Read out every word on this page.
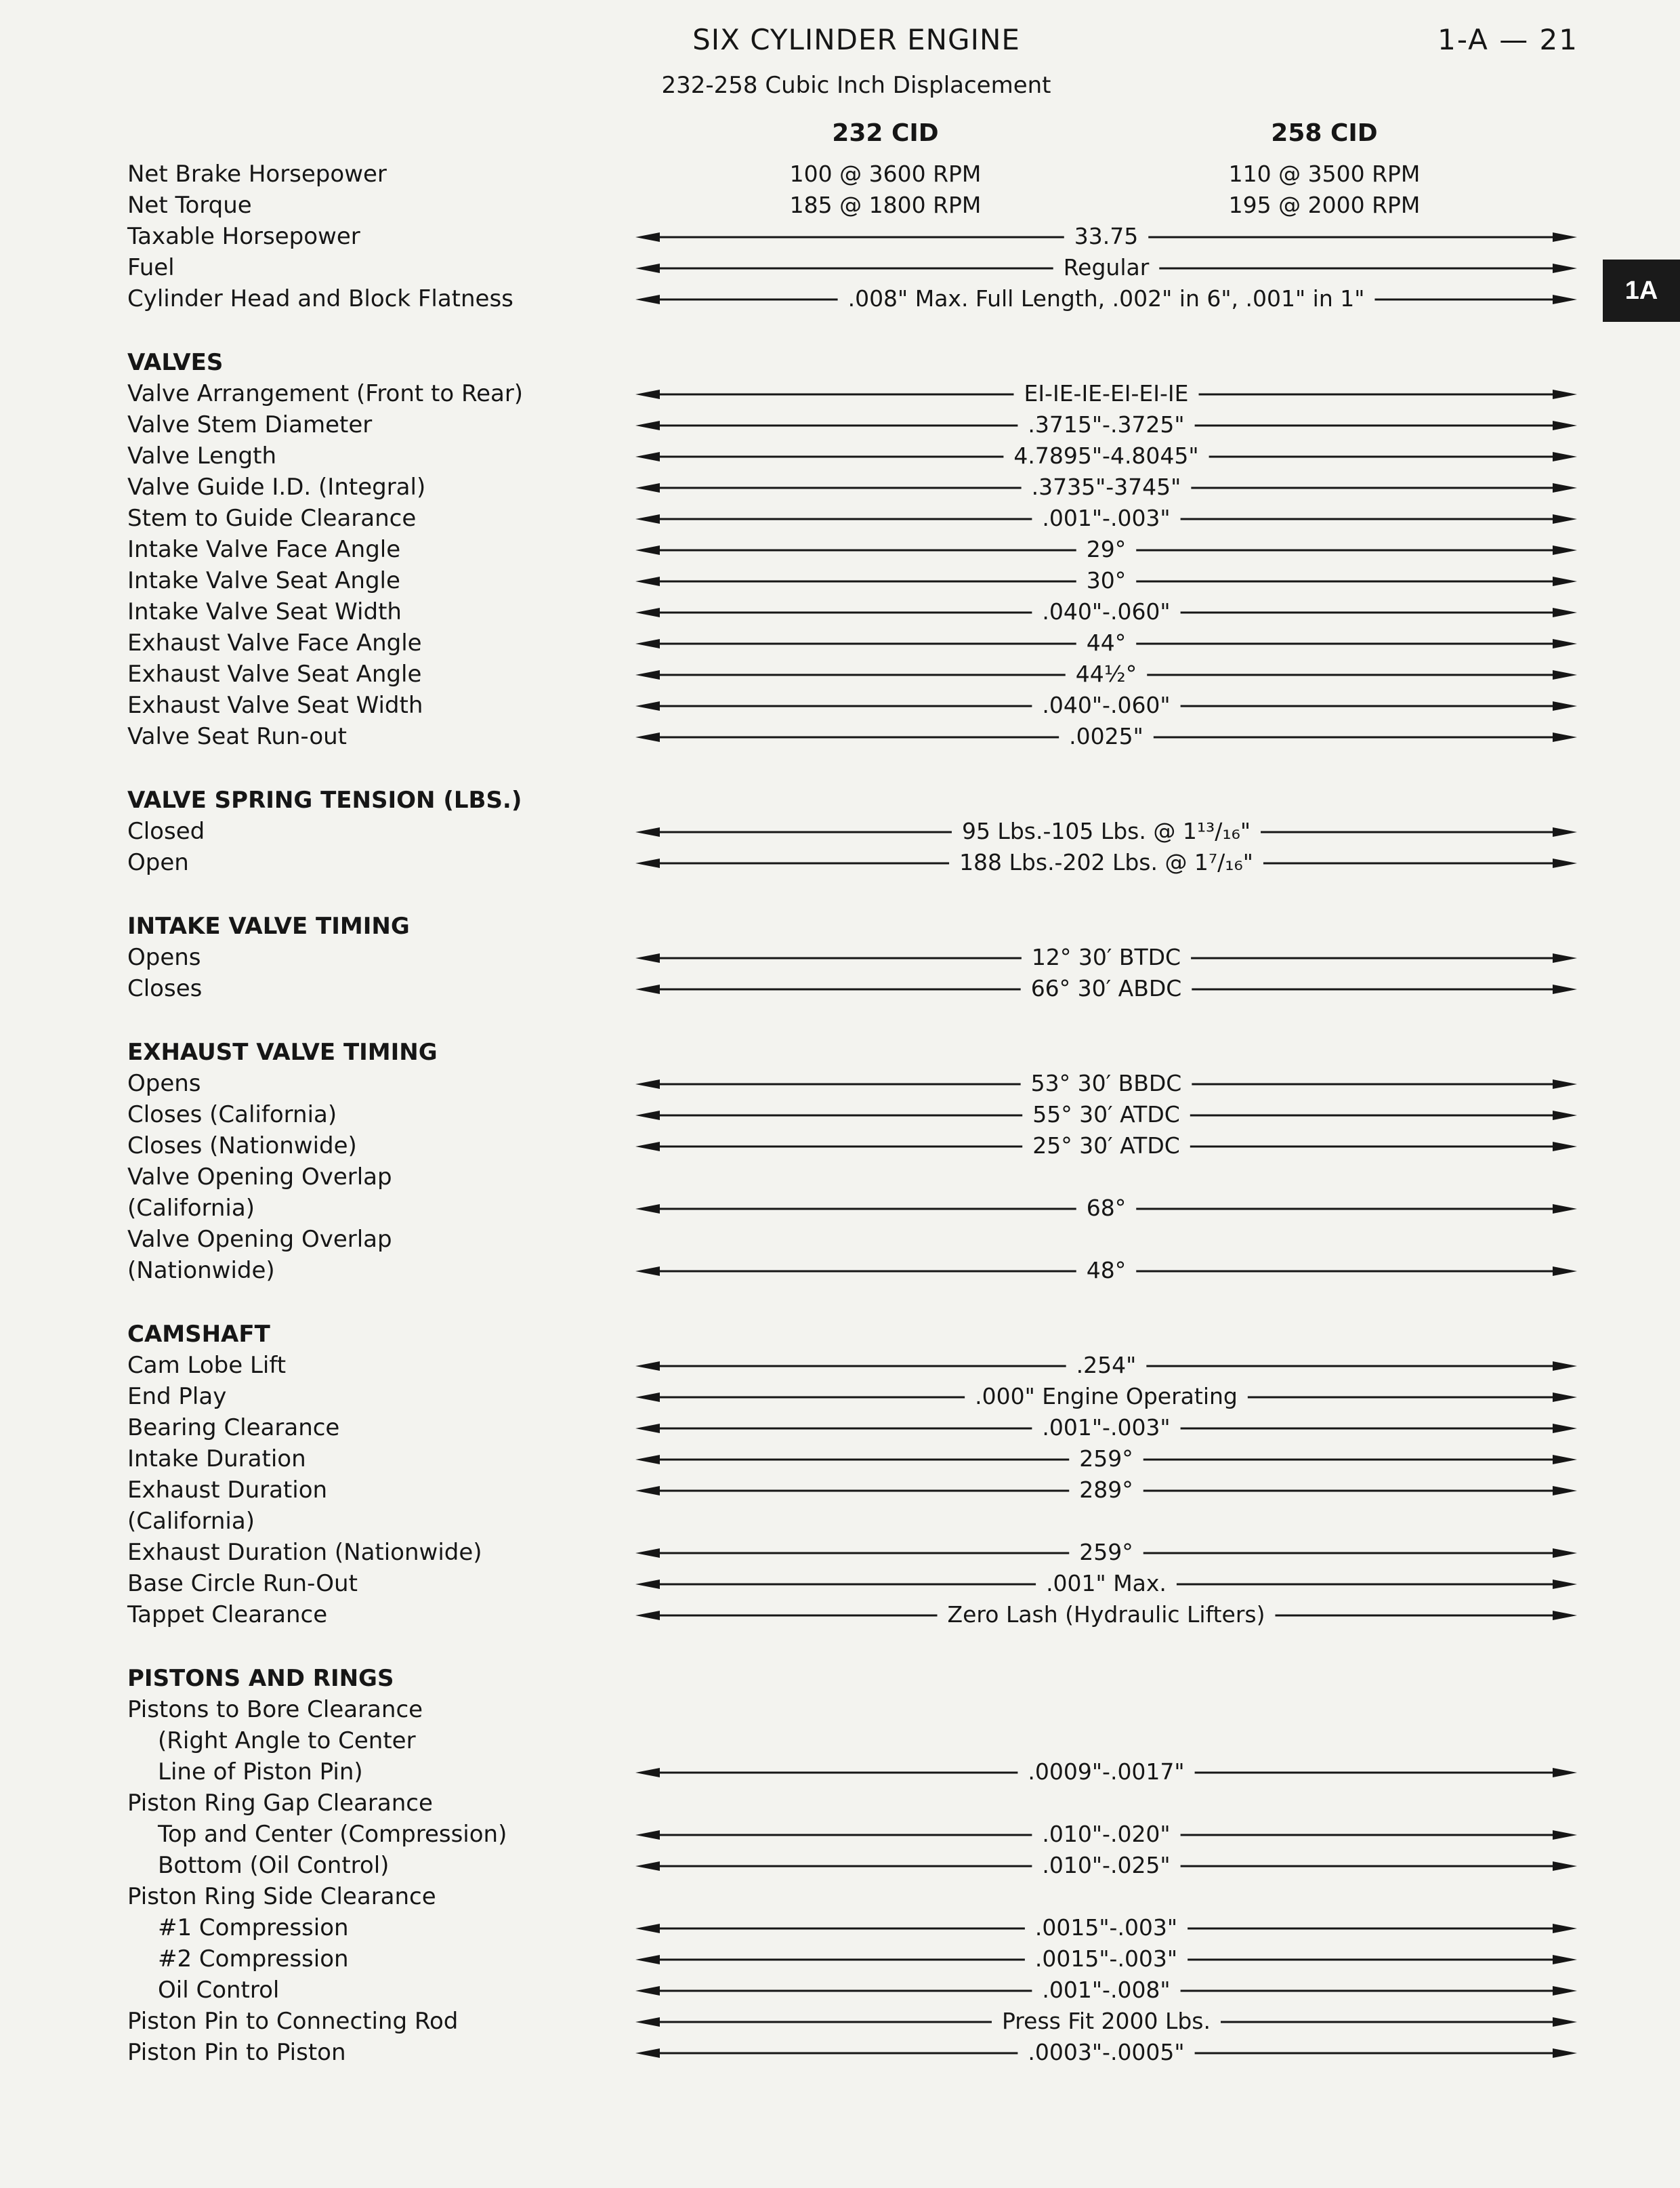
SIX CYLINDER ENGINE	1-A — 21
232-258 Cubic Inch Displacement
1A
232 CID	258 CID
Net Brake Horsepower	100 @ 3600 RPM	110 @ 3500 RPM
Net Torque	185 @ 1800 RPM	195 @ 2000 RPM
Taxable Horsepower	33.75
Fuel	Regular
Cylinder Head and Block Flatness	.008" Max. Full Length, .002" in 6", .001" in 1"
VALVES
Valve Arrangement (Front to Rear)	EI-IE-IE-EI-EI-IE
Valve Stem Diameter	.3715"-.3725"
Valve Length	4.7895"-4.8045"
Valve Guide I.D. (Integral)	.3735"-3745"
Stem to Guide Clearance	.001"-.003"
Intake Valve Face Angle	29°
Intake Valve Seat Angle	30°
Intake Valve Seat Width	.040"-.060"
Exhaust Valve Face Angle	44°
Exhaust Valve Seat Angle	44½°
Exhaust Valve Seat Width	.040"-.060"
Valve Seat Run-out	.0025"
VALVE SPRING TENSION (LBS.)
Closed	95 Lbs.-105 Lbs. @ 1¹³/₁₆"
Open	188 Lbs.-202 Lbs. @ 1⁷/₁₆"
INTAKE VALVE TIMING
Opens	12° 30′ BTDC
Closes	66° 30′ ABDC
EXHAUST VALVE TIMING
Opens	53° 30′ BBDC
Closes (California)	55° 30′ ATDC
Closes (Nationwide)	25° 30′ ATDC
Valve Opening Overlap
(California)	68°
Valve Opening Overlap
(Nationwide)	48°
CAMSHAFT
Cam Lobe Lift	.254"
End Play	.000" Engine Operating
Bearing Clearance	.001"-.003"
Intake Duration	259°
Exhaust Duration	289°
(California)
Exhaust Duration (Nationwide)	259°
Base Circle Run-Out	.001" Max.
Tappet Clearance	Zero Lash (Hydraulic Lifters)
PISTONS AND RINGS
Pistons to Bore Clearance
(Right Angle to Center
Line of Piston Pin)	.0009"-.0017"
Piston Ring Gap Clearance
Top and Center (Compression)	.010"-.020"
Bottom (Oil Control)	.010"-.025"
Piston Ring Side Clearance
#1 Compression	.0015"-.003"
#2 Compression	.0015"-.003"
Oil Control	.001"-.008"
Piston Pin to Connecting Rod	Press Fit 2000 Lbs.
Piston Pin to Piston	.0003"-.0005"
